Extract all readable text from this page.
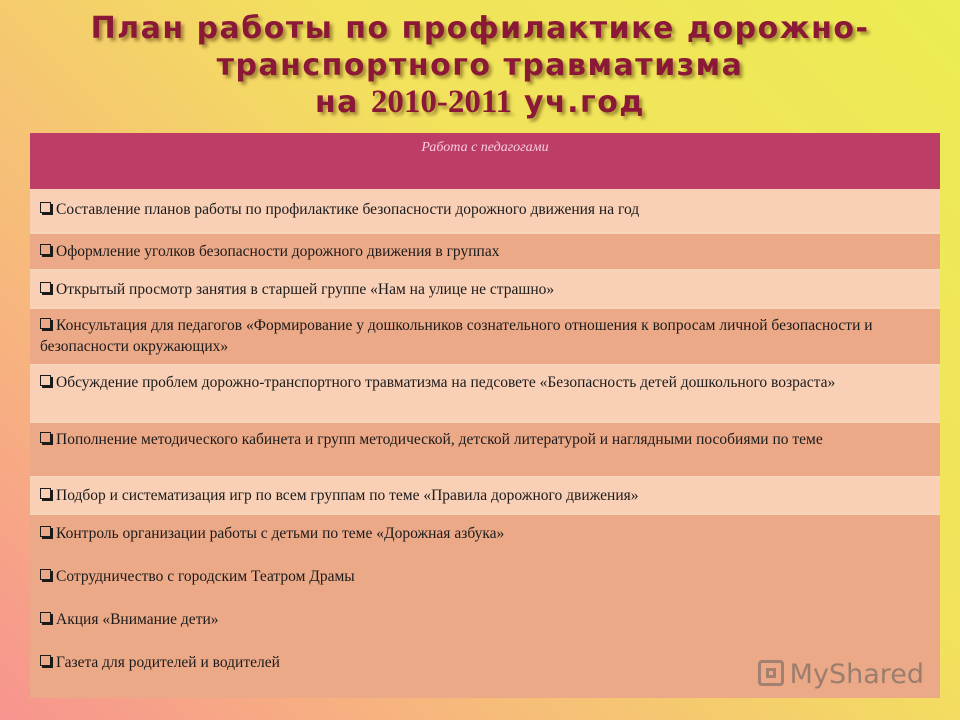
План работы по профилактике дорожно-
транспортного травматизма
на 2010-2011 уч.год
Работа с педагогами
Составление планов работы по профилактике безопасности дорожного движения на год
Оформление уголков безопасности дорожного движения в группах
Открытый просмотр занятия в старшей группе «Нам на улице не страшно»
Консультация для педагогов «Формирование у дошкольников сознательного отношения к вопросам личной безопасности и безопасности окружающих»
Обсуждение проблем дорожно-транспортного травматизма на педсовете «Безопасность детей дошкольного возраста»
Пополнение методического кабинета и групп методической, детской литературой и наглядными пособиями по теме
Подбор и систематизация игр по всем группам по теме «Правила дорожного движения»
Контроль организации работы с детьми по теме «Дорожная азбука»
Сотрудничество с городским Театром Драмы
Акция «Внимание дети»
Газета для родителей и водителей	MyShared
